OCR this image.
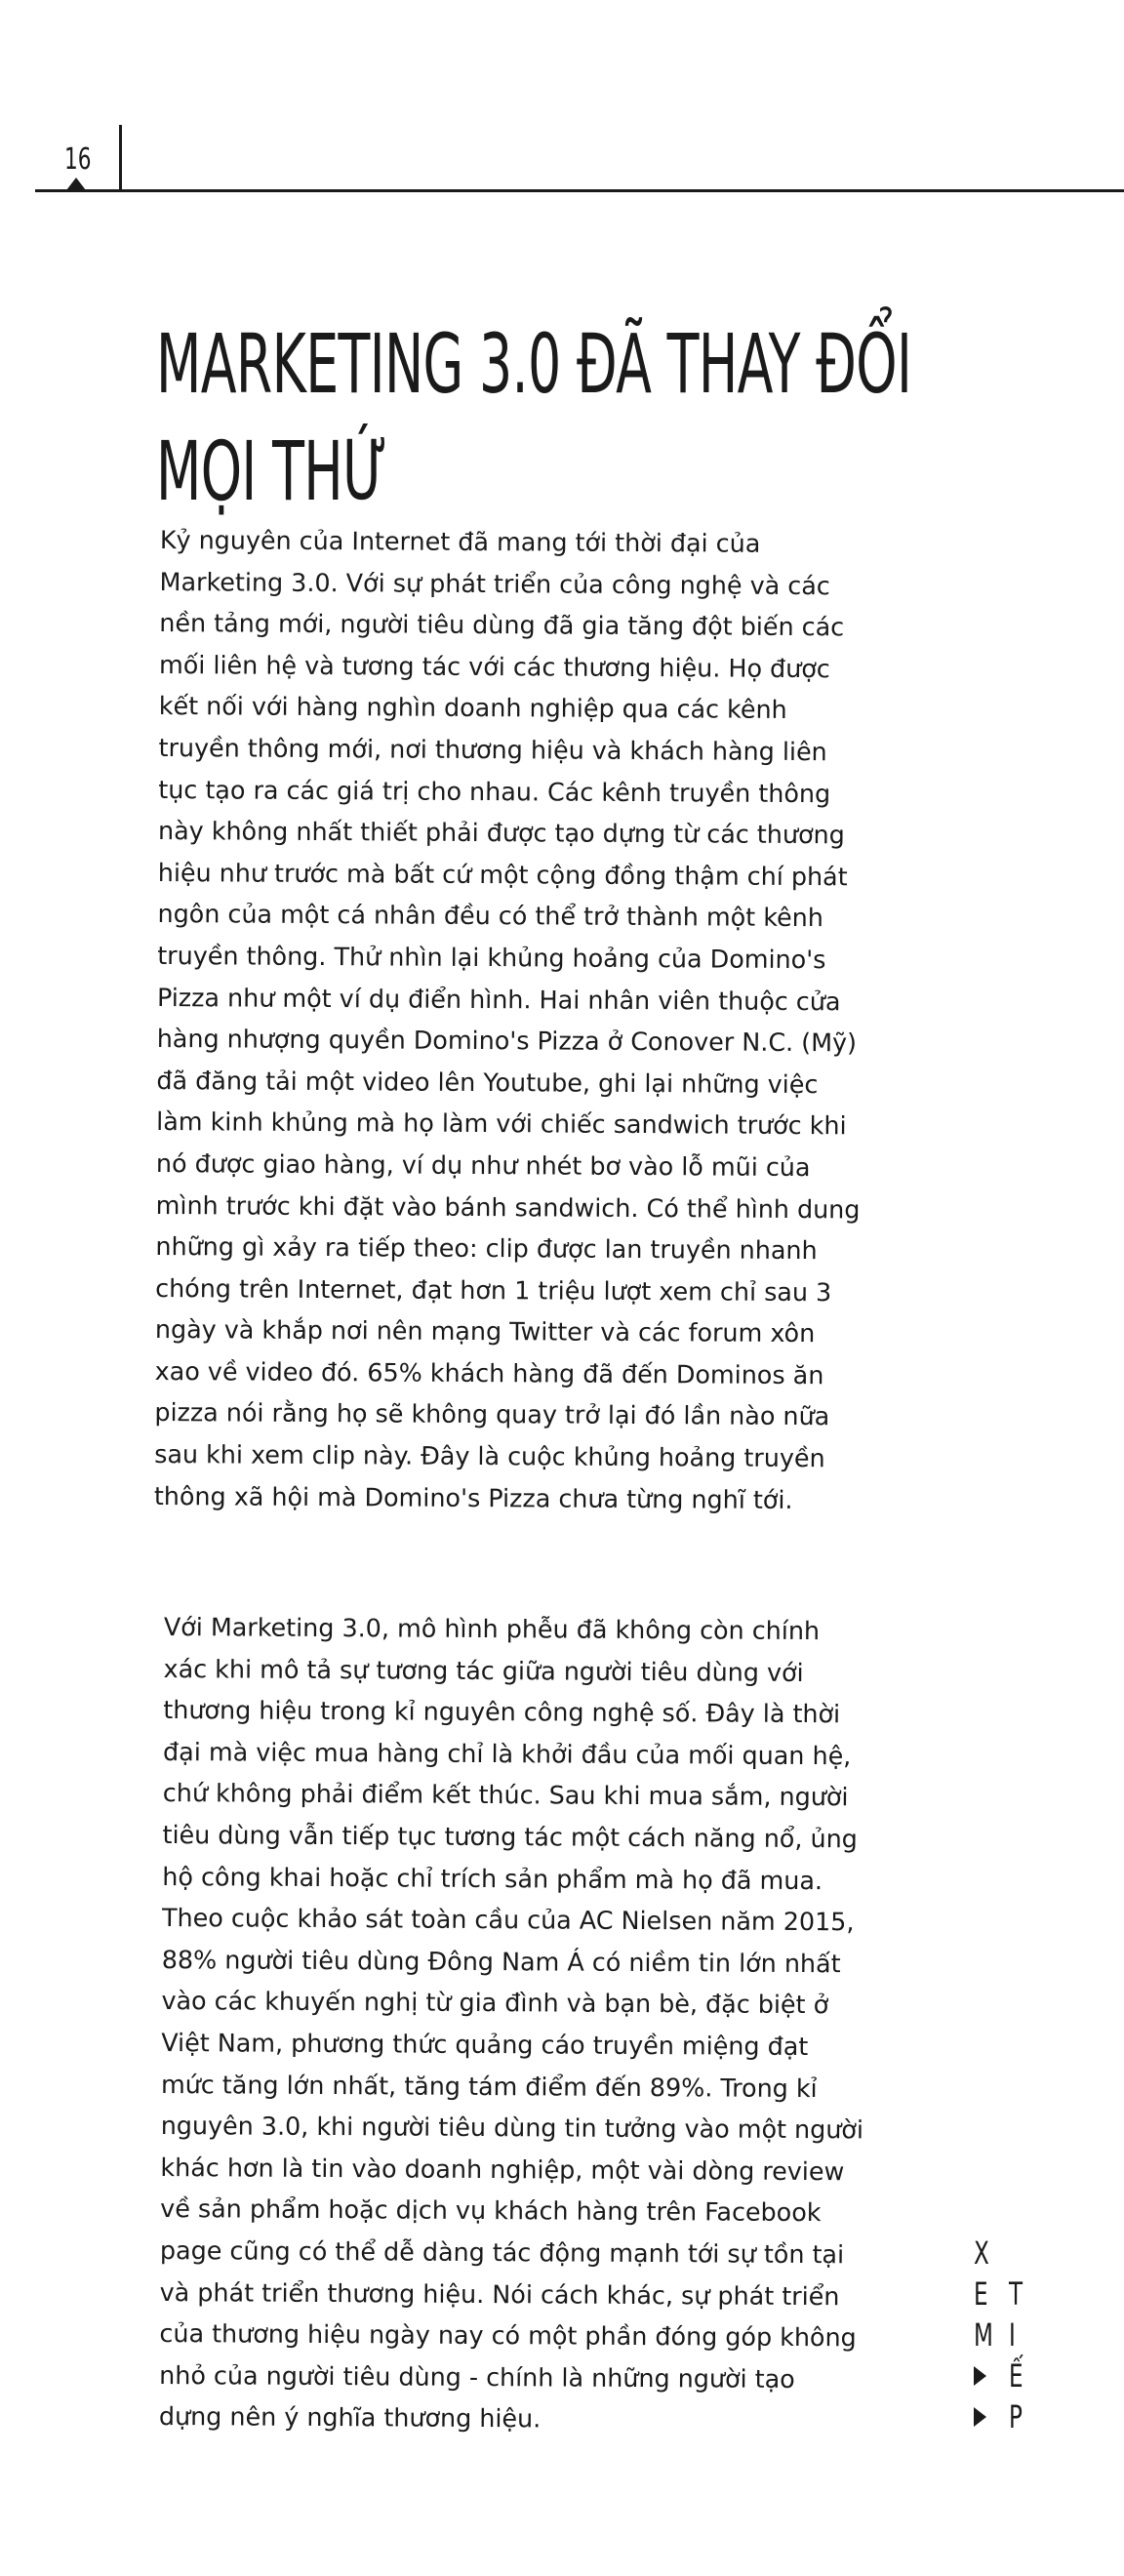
16
MARKETING 3.0 ĐÃ THAY ĐỔI
MỌI THỨ

Kỷ nguyên của Internet đã mang tới thời đại của Marketing 3.0. Với sự phát triển của công nghệ và các nền tảng mới, người tiêu dùng đã gia tăng đột biến các mối liên hệ và tương tác với các thương hiệu. Họ được kết nối với hàng nghìn doanh nghiệp qua các kênh truyền thông mới, nơi thương hiệu và khách hàng liên tục tạo ra các giá trị cho nhau. Các kênh truyền thông này không nhất thiết phải được tạo dựng từ các thương hiệu như trước mà bất cứ một cộng đồng thậm chí phát ngôn của một cá nhân đều có thể trở thành một kênh truyền thông. Thử nhìn lại khủng hoảng của Domino's Pizza như một ví dụ điển hình. Hai nhân viên thuộc cửa hàng nhượng quyền Domino's Pizza ở Conover N.C. (Mỹ) đã đăng tải một video lên Youtube, ghi lại những việc làm kinh khủng mà họ làm với chiếc sandwich trước khi nó được giao hàng, ví dụ như nhét bơ vào lỗ mũi của mình trước khi đặt vào bánh sandwich. Có thể hình dung những gì xảy ra tiếp theo: clip được lan truyền nhanh chóng trên Internet, đạt hơn 1 triệu lượt xem chỉ sau 3 ngày và khắp nơi nên mạng Twitter và các forum xôn xao về video đó. 65% khách hàng đã đến Dominos ăn pizza nói rằng họ sẽ không quay trở lại đó lần nào nữa sau khi xem clip này. Đây là cuộc khủng hoảng truyền thông xã hội mà Domino's Pizza chưa từng nghĩ tới.

Với Marketing 3.0, mô hình phễu đã không còn chính xác khi mô tả sự tương tác giữa người tiêu dùng với thương hiệu trong kỉ nguyên công nghệ số. Đây là thời đại mà việc mua hàng chỉ là khởi đầu của mối quan hệ, chứ không phải điểm kết thúc. Sau khi mua sắm, người tiêu dùng vẫn tiếp tục tương tác một cách năng nổ, ủng hộ công khai hoặc chỉ trích sản phẩm mà họ đã mua. Theo cuộc khảo sát toàn cầu của AC Nielsen năm 2015, 88% người tiêu dùng Đông Nam Á có niềm tin lớn nhất vào các khuyến nghị từ gia đình và bạn bè, đặc biệt ở Việt Nam, phương thức quảng cáo truyền miệng đạt mức tăng lớn nhất, tăng tám điểm đến 89%. Trong kỉ nguyên 3.0, khi người tiêu dùng tin tưởng vào một người khác hơn là tin vào doanh nghiệp, một vài dòng review về sản phẩm hoặc dịch vụ khách hàng trên Facebook page cũng có thể dễ dàng tác động mạnh tới sự tồn tại và phát triển thương hiệu. Nói cách khác, sự phát triển của thương hiệu ngày nay có một phần đóng góp không nhỏ của người tiêu dùng - chính là những người tạo dựng nên ý nghĩa thương hiệu.

X
E T
M I
Ế
P
